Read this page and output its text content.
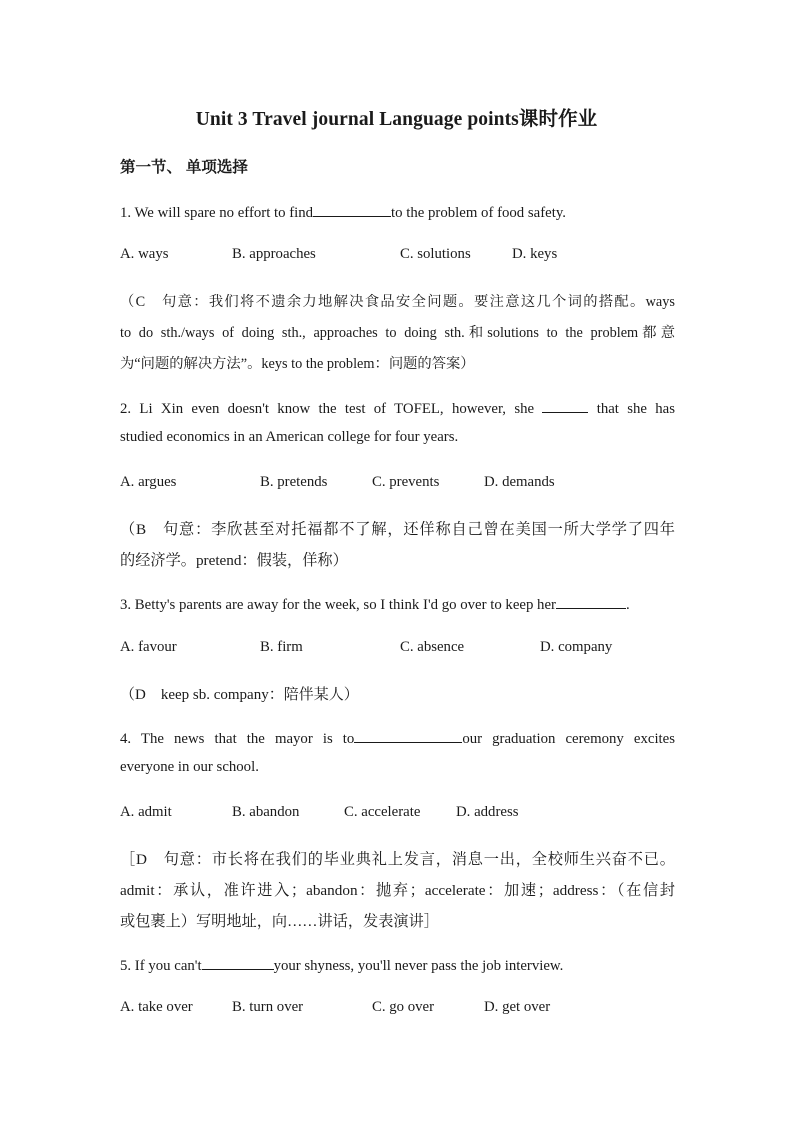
Unit 3 Travel journal Language points课时作业
第一节、 单项选择
1. We will spare no effort to find	to the problem of food safety.
A. ways	B. approaches	C. solutions	D. keys
（C　句意：我们将不遗余力地解决食品安全问题。要注意这几个词的搭配。ways
to do sth./ways of doing sth., approaches to doing sth.和solutions to the problem都意
为“问题的解决方法”。keys to the problem：问题的答案）
2. Li Xin even doesn't know the test of TOFEL, however, she	that she has
studied economics in an American college for four years.
A. argues	B. pretends	C. prevents	D. demands
（B　句意：李欣甚至对托福都不了解，还佯称自己曾在美国一所大学学了四年
的经济学。pretend：假装，佯称）
3. Betty's parents are away for the week, so I think I'd go over to keep her	.
A. favour	B. firm	C. absence	D. company
（D　keep sb. company：陪伴某人）
4. The news that the mayor is to	our graduation ceremony excites
everyone in our school.
A. admit	B. abandon	C. accelerate D. address
［D　句意：市长将在我们的毕业典礼上发言，消息一出，全校师生兴奋不已。
admit：承认，准许进入；abandon：抛弃；accelerate：加速；address：（在信封
或包裹上）写明地址，向……讲话，发表演讲］
5. If you can't	your shyness, you'll never pass the job interview.
A. take over	B. turn over	C. go over	D. get over
